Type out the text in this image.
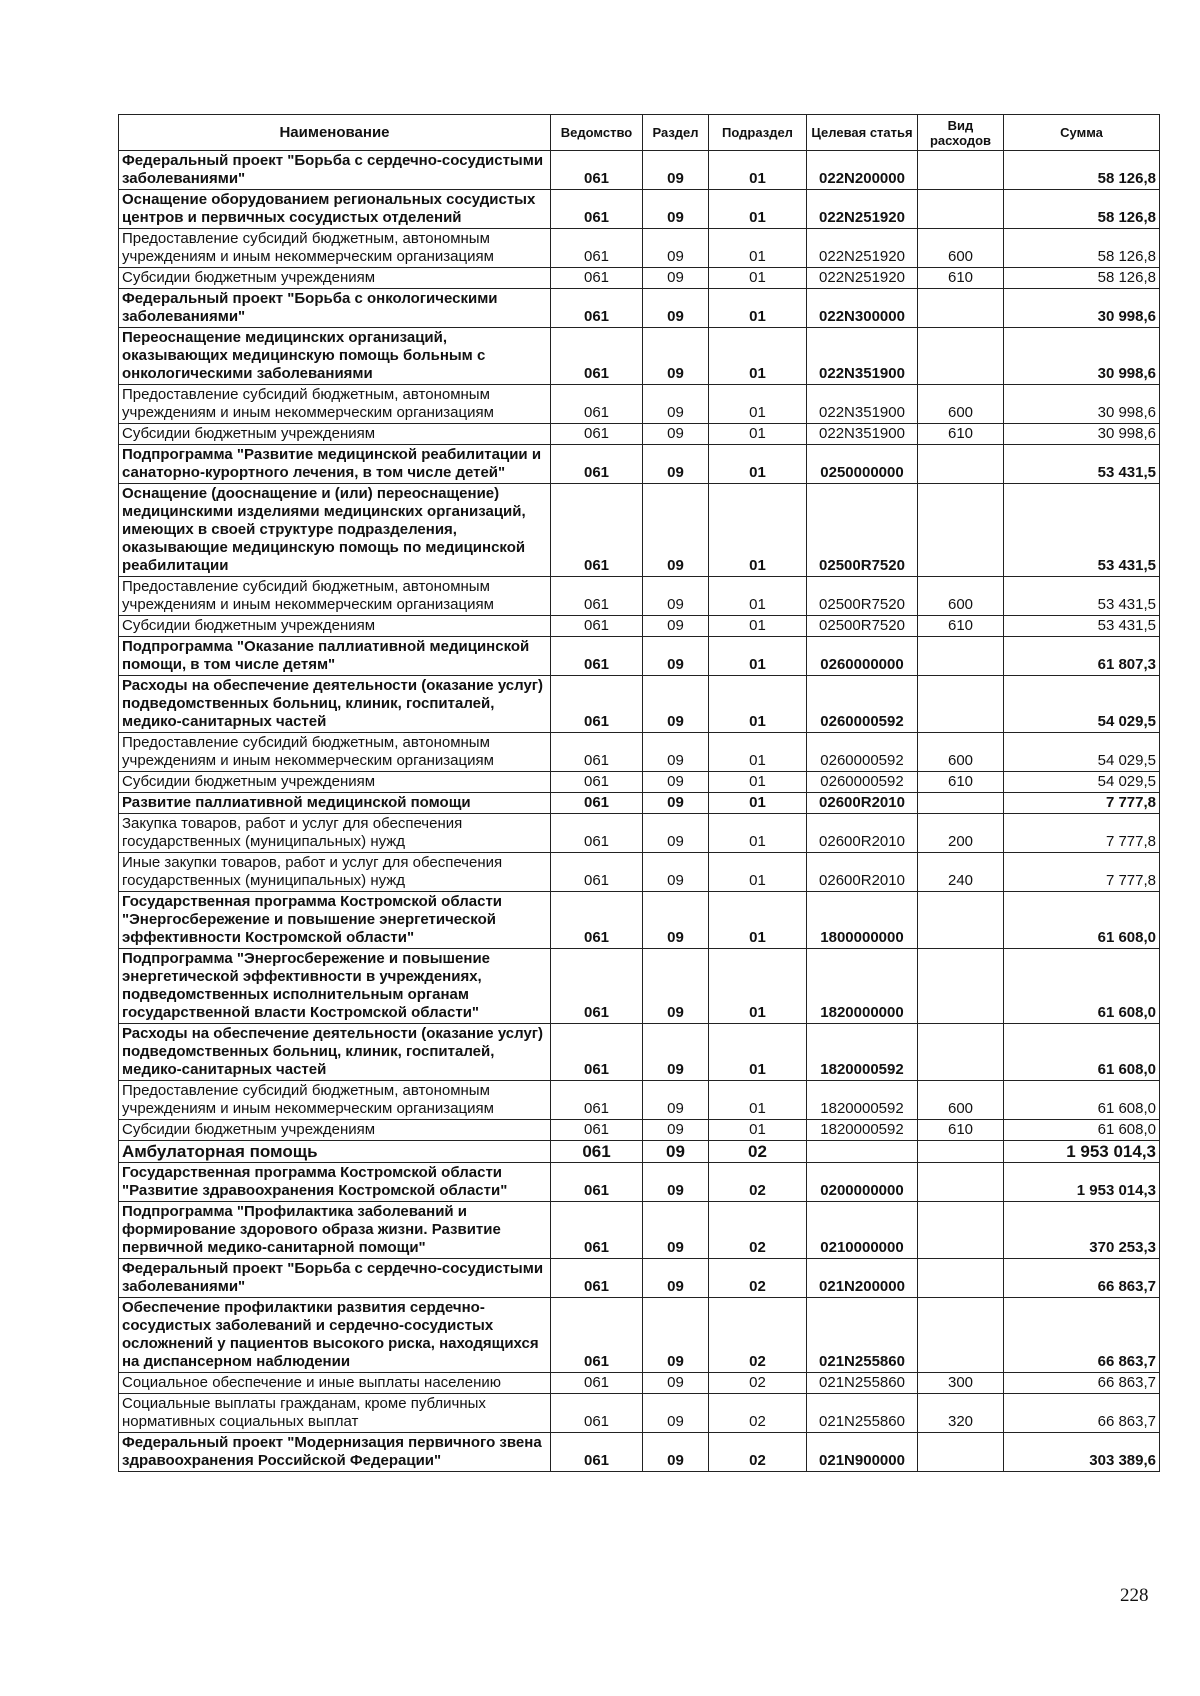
Наименование	Ведомство	Раздел	Подраздел	Целевая статья	Вид расходов	Сумма
Федеральный проект "Борьба с сердечно-сосудистыми заболеваниями"	061	09	01	022N200000		58 126,8
Оснащение оборудованием региональных сосудистых центров и первичных сосудистых отделений	061	09	01	022N251920		58 126,8
Предоставление субсидий бюджетным, автономным учреждениям и иным некоммерческим организациям	061	09	01	022N251920	600	58 126,8
Субсидии бюджетным учреждениям	061	09	01	022N251920	610	58 126,8
Федеральный проект "Борьба с онкологическими заболеваниями"	061	09	01	022N300000		30 998,6
Переоснащение медицинских организаций, оказывающих медицинскую помощь больным с онкологическими заболеваниями	061	09	01	022N351900		30 998,6
Предоставление субсидий бюджетным, автономным учреждениям и иным некоммерческим организациям	061	09	01	022N351900	600	30 998,6
Субсидии бюджетным учреждениям	061	09	01	022N351900	610	30 998,6
Подпрограмма "Развитие медицинской реабилитации и санаторно-курортного лечения, в том числе детей"	061	09	01	0250000000		53 431,5
Оснащение (дооснащение и (или) переоснащение) медицинскими изделиями медицинских организаций, имеющих в своей структуре подразделения, оказывающие медицинскую помощь по медицинской реабилитации	061	09	01	02500R7520		53 431,5
Предоставление субсидий бюджетным, автономным учреждениям и иным некоммерческим организациям	061	09	01	02500R7520	600	53 431,5
Субсидии бюджетным учреждениям	061	09	01	02500R7520	610	53 431,5
Подпрограмма "Оказание паллиативной медицинской помощи, в том числе детям"	061	09	01	0260000000		61 807,3
Расходы на обеспечение деятельности (оказание услуг) подведомственных больниц, клиник, госпиталей, медико-санитарных частей	061	09	01	0260000592		54 029,5
Предоставление субсидий бюджетным, автономным учреждениям и иным некоммерческим организациям	061	09	01	0260000592	600	54 029,5
Субсидии бюджетным учреждениям	061	09	01	0260000592	610	54 029,5
Развитие паллиативной медицинской помощи	061	09	01	02600R2010		7 777,8
Закупка товаров, работ и услуг для обеспечения государственных (муниципальных) нужд	061	09	01	02600R2010	200	7 777,8
Иные закупки товаров, работ и услуг для обеспечения государственных (муниципальных) нужд	061	09	01	02600R2010	240	7 777,8
Государственная программа Костромской области "Энергосбережение и повышение энергетической эффективности Костромской области"	061	09	01	1800000000		61 608,0
Подпрограмма "Энергосбережение и повышение энергетической эффективности в учреждениях, подведомственных исполнительным органам государственной власти Костромской области"	061	09	01	1820000000		61 608,0
Расходы на обеспечение деятельности (оказание услуг) подведомственных больниц, клиник, госпиталей, медико-санитарных частей	061	09	01	1820000592		61 608,0
Предоставление субсидий бюджетным, автономным учреждениям и иным некоммерческим организациям	061	09	01	1820000592	600	61 608,0
Субсидии бюджетным учреждениям	061	09	01	1820000592	610	61 608,0
Амбулаторная помощь	061	09	02			1 953 014,3
Государственная программа Костромской области "Развитие здравоохранения Костромской области"	061	09	02	0200000000		1 953 014,3
Подпрограмма "Профилактика заболеваний и формирование здорового образа жизни. Развитие первичной медико-санитарной помощи"	061	09	02	0210000000		370 253,3
Федеральный проект "Борьба с сердечно-сосудистыми заболеваниями"	061	09	02	021N200000		66 863,7
Обеспечение профилактики развития сердечно-сосудистых заболеваний и сердечно-сосудистых осложнений у пациентов высокого риска, находящихся на диспансерном наблюдении	061	09	02	021N255860		66 863,7
Социальное обеспечение и иные выплаты населению	061	09	02	021N255860	300	66 863,7
Социальные выплаты гражданам, кроме публичных нормативных социальных выплат	061	09	02	021N255860	320	66 863,7
Федеральный проект "Модернизация первичного звена здравоохранения Российской Федерации"	061	09	02	021N900000		303 389,6
228
